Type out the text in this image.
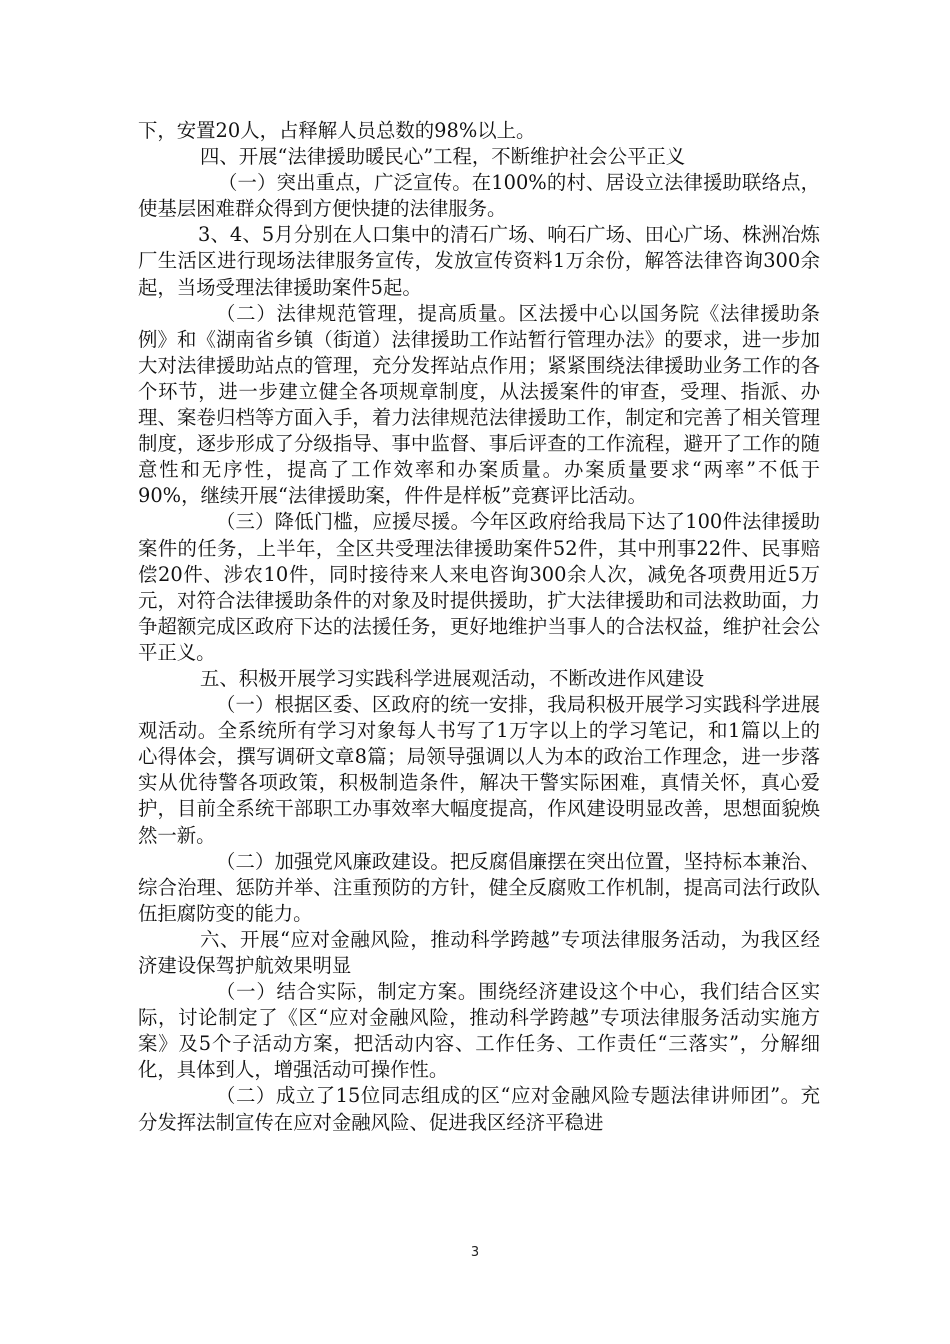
下，安置20人，占释解人员总数的98%以上。

四、开展“法律援助暖民心”工程，不断维护社会公平正义

（一）突出重点，广泛宣传。在100%的村、居设立法律援助联络点，使基层困难群众得到方便快捷的法律服务。

3、4、5月分别在人口集中的清石广场、响石广场、田心广场、株洲冶炼厂生活区进行现场法律服务宣传，发放宣传资料1万余份，解答法律咨询300余起，当场受理法律援助案件5起。

（二）法律规范管理，提高质量。区法援中心以国务院《法律援助条例》和《湖南省乡镇（街道）法律援助工作站暂行管理办法》的要求，进一步加大对法律援助站点的管理，充分发挥站点作用；紧紧围绕法律援助业务工作的各个环节，进一步建立健全各项规章制度，从法援案件的审查，受理、指派、办理、案卷归档等方面入手，着力法律规范法律援助工作，制定和完善了相关管理制度，逐步形成了分级指导、事中监督、事后评查的工作流程，避开了工作的随意性和无序性，提高了工作效率和办案质量。办案质量要求“两率”不低于90%，继续开展“法律援助案，件件是样板”竞赛评比活动。

（三）降低门槛，应援尽援。今年区政府给我局下达了100件法律援助案件的任务，上半年，全区共受理法律援助案件52件，其中刑事22件、民事赔偿20件、涉农10件，同时接待来人来电咨询300余人次，减免各项费用近5万元，对符合法律援助条件的对象及时提供援助，扩大法律援助和司法救助面，力争超额完成区政府下达的法援任务，更好地维护当事人的合法权益，维护社会公平正义。

五、积极开展学习实践科学进展观活动，不断改进作风建设

（一）根据区委、区政府的统一安排，我局积极开展学习实践科学进展观活动。全系统所有学习对象每人书写了1万字以上的学习笔记，和1篇以上的心得体会，撰写调研文章8篇；局领导强调以人为本的政治工作理念，进一步落实从优待警各项政策，积极制造条件，解决干警实际困难，真情关怀，真心爱护，目前全系统干部职工办事效率大幅度提高，作风建设明显改善，思想面貌焕然一新。

（二）加强党风廉政建设。把反腐倡廉摆在突出位置，坚持标本兼治、综合治理、惩防并举、注重预防的方针，健全反腐败工作机制，提高司法行政队伍拒腐防变的能力。

六、开展“应对金融风险，推动科学跨越”专项法律服务活动，为我区经济建设保驾护航效果明显

（一）结合实际，制定方案。围绕经济建设这个中心，我们结合区实际，讨论制定了《区“应对金融风险，推动科学跨越”专项法律服务活动实施方案》及5个子活动方案，把活动内容、工作任务、工作责任“三落实”，分解细化，具体到人，增强活动可操作性。

（二）成立了15位同志组成的区“应对金融风险专题法律讲师团”。充分发挥法制宣传在应对金融风险、促进我区经济平稳进

3
